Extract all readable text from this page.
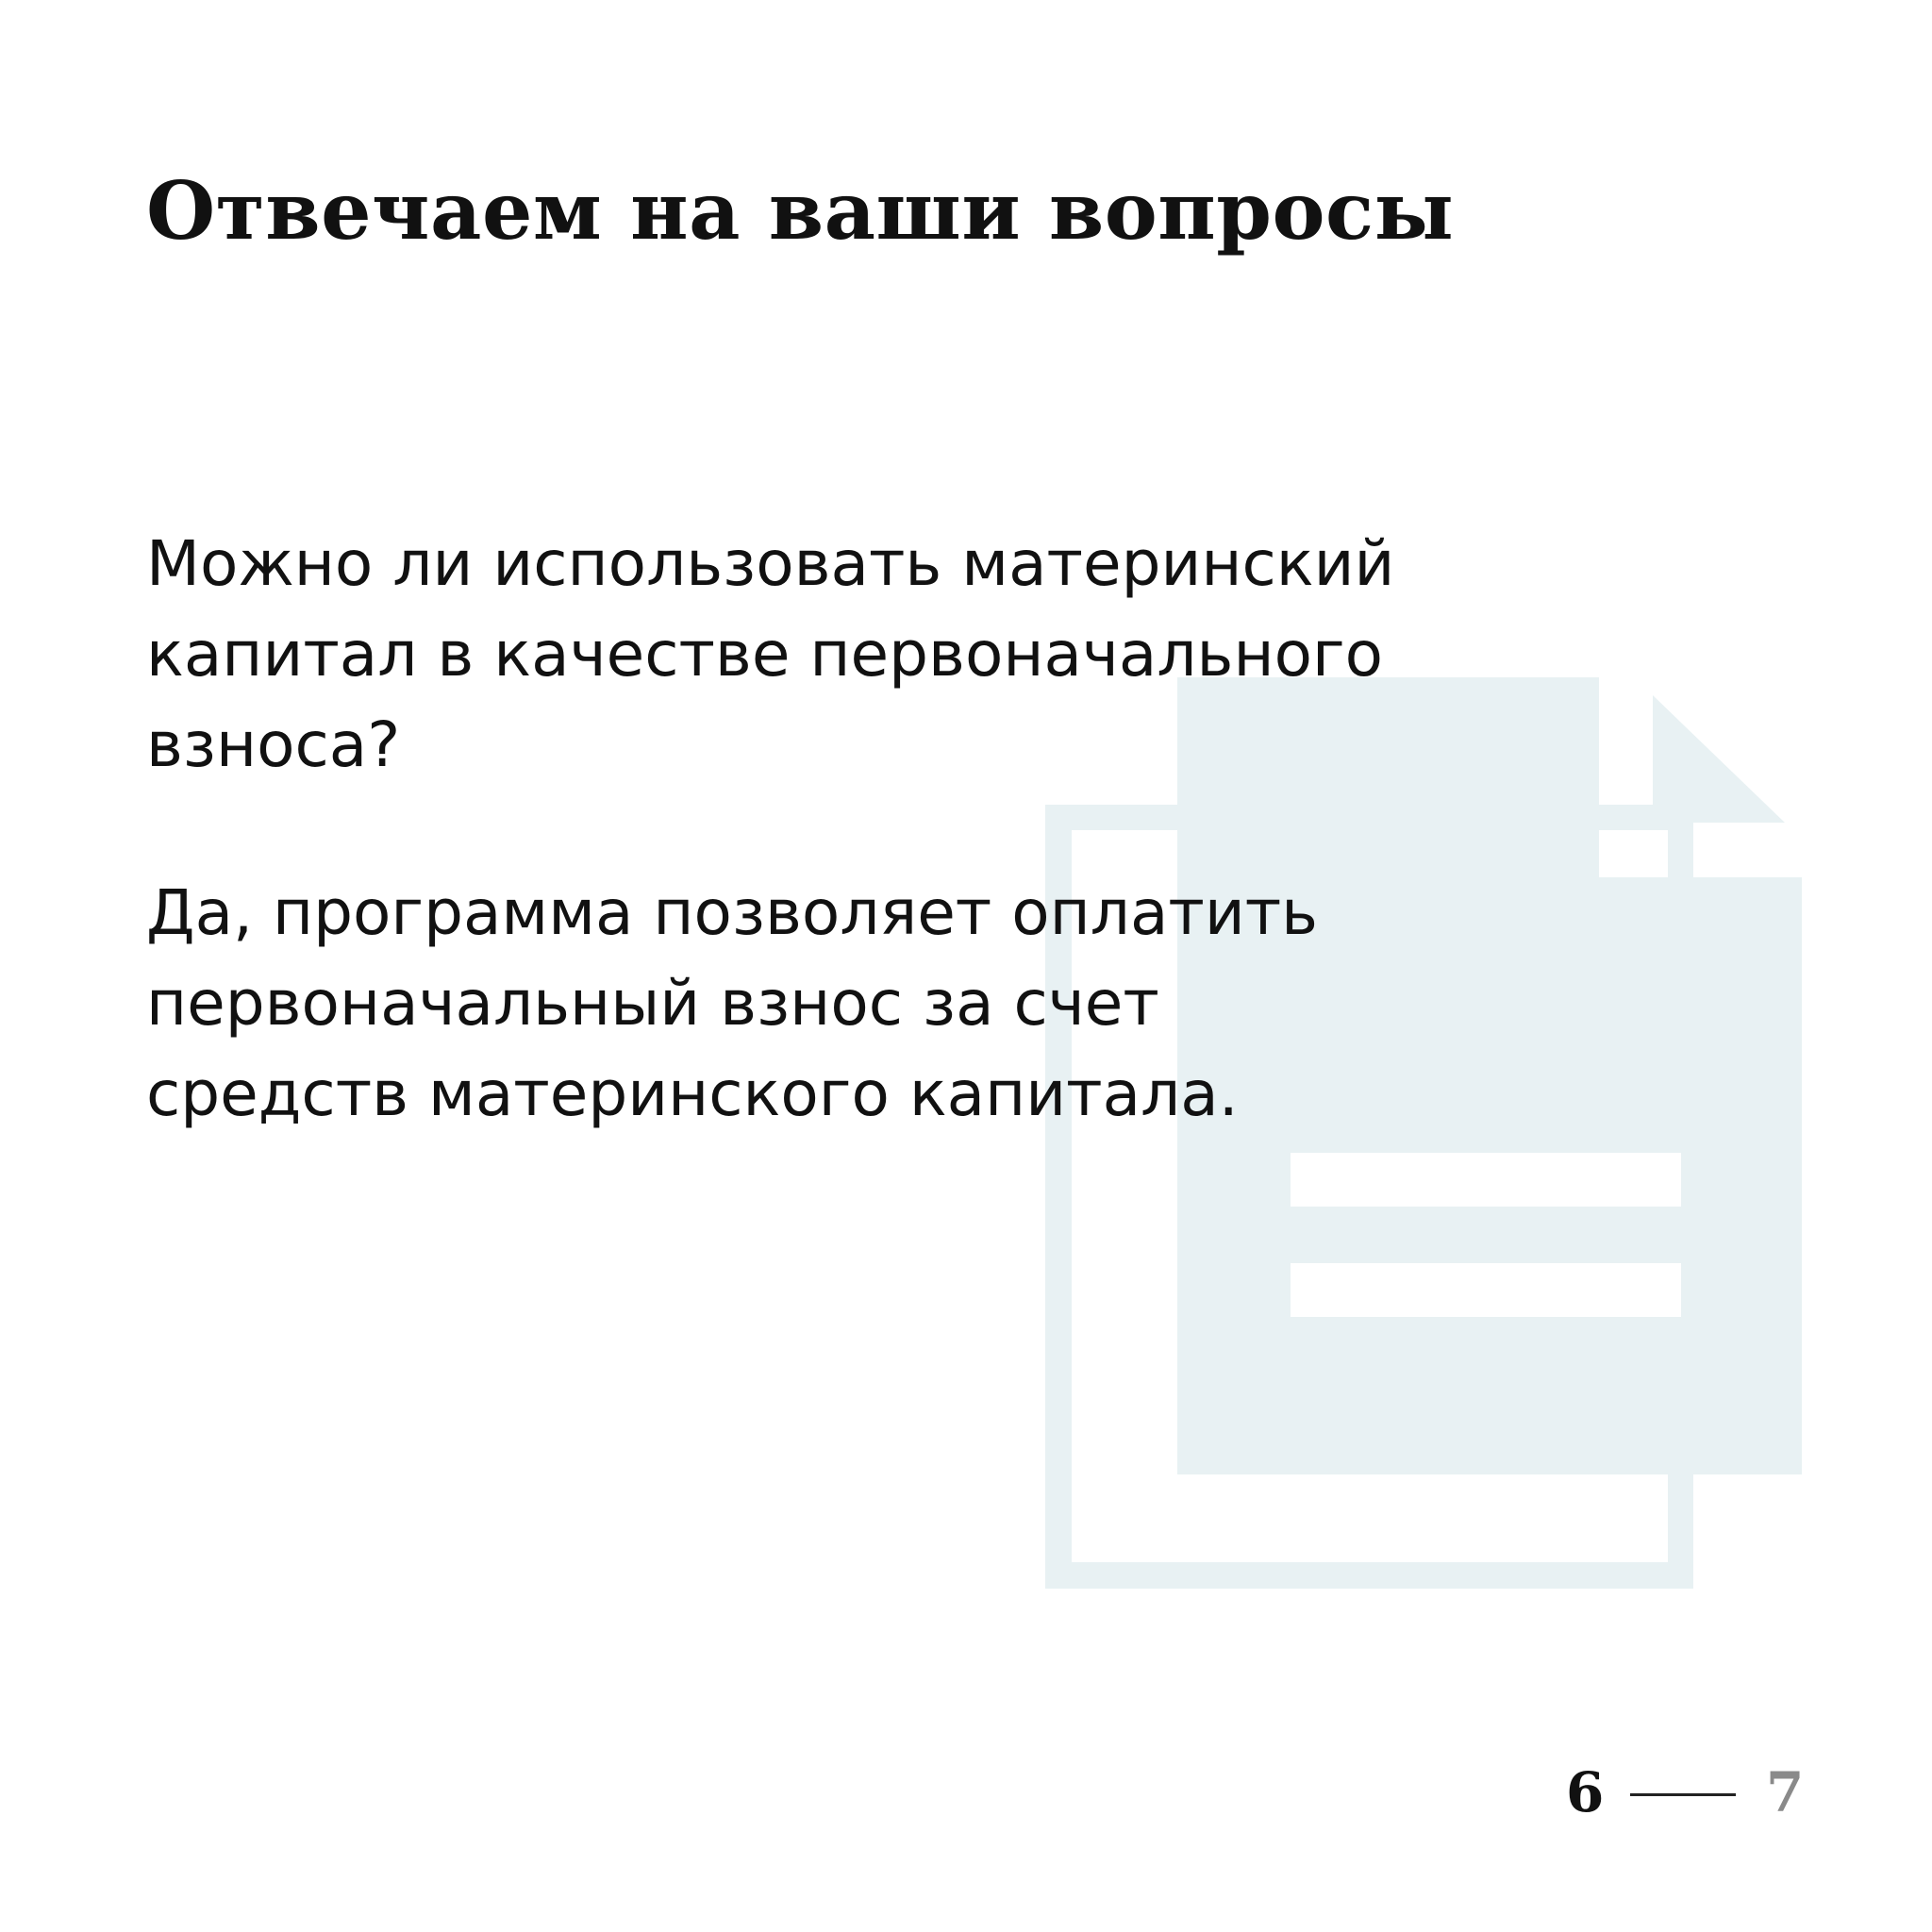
Отвечаем на ваши вопросы

Можно ли использовать материнский
капитал в качестве первоначального
взноса?

Да, программа позволяет оплатить
первоначальный взнос за счет
средств материнского капитала.

6	7
